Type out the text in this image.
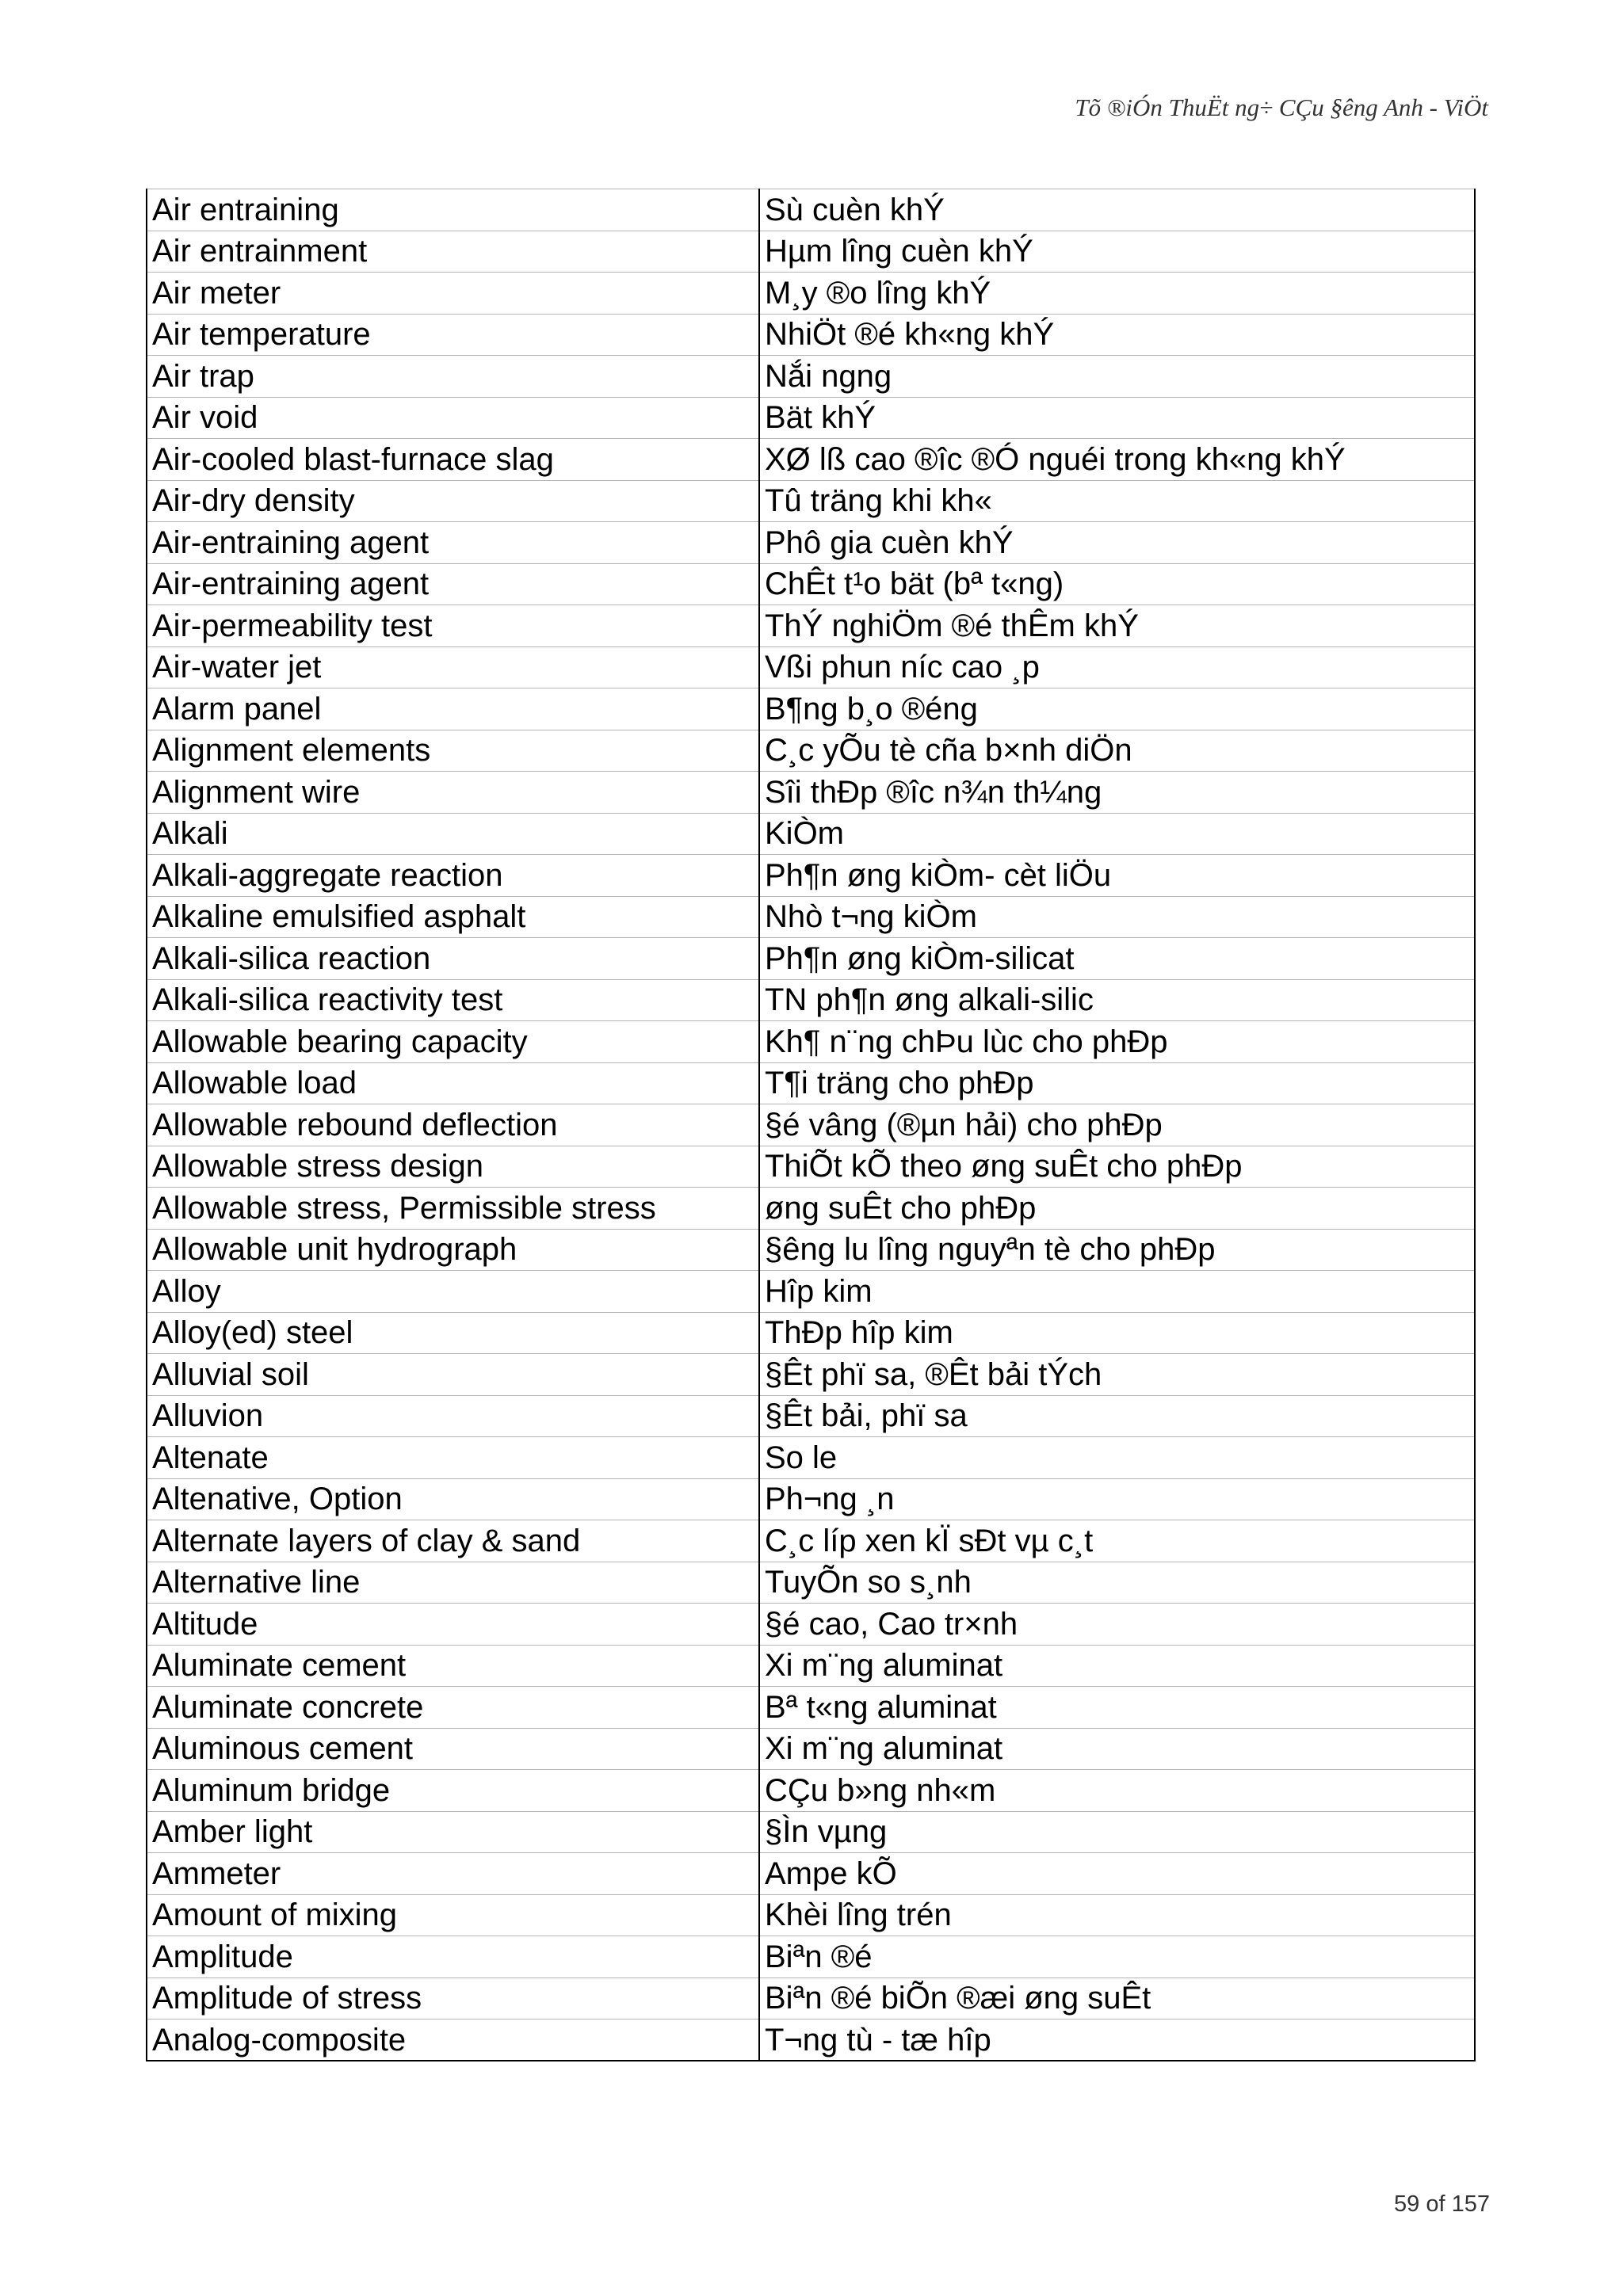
Tõ ®iÓn ThuËt ng÷ CÇu §êng Anh - ViÖt
Air entraining	Sù cuèn khÝ
Air entrainment	Hµm lîng cuèn khÝ
Air meter	M¸y ®o lîng khÝ
Air temperature	NhiÖt ®é kh«ng khÝ
Air trap	Nắi ngng
Air void	Bät khÝ
Air-cooled blast-furnace slag	XØ lß cao ®îc ®Ó nguéi trong kh«ng khÝ
Air-dry density	Tû träng khi kh«
Air-entraining agent	Phô gia cuèn khÝ
Air-entraining agent	ChÊt t¹o bät (bª t«ng)
Air-permeability test	ThÝ nghiÖm ®é thÊm khÝ
Air-water jet	Vßi phun níc cao ¸p
Alarm panel	B¶ng b¸o ®éng
Alignment elements	C¸c yÕu tè cña b×nh diÖn
Alignment wire	Sîi thÐp ®îc n¾n th¼ng
Alkali	KiÒm
Alkali-aggregate reaction	Ph¶n øng kiÒm- cèt liÖu
Alkaline emulsified asphalt	Nhò t¬ng kiÒm
Alkali-silica reaction	Ph¶n øng kiÒm-silicat
Alkali-silica reactivity test	TN ph¶n øng alkali-silic
Allowable bearing capacity	Kh¶ n¨ng chÞu lùc cho phÐp
Allowable load	T¶i träng cho phÐp
Allowable rebound deflection	§é vâng (®µn hải) cho phÐp
Allowable stress design	ThiÕt kÕ theo øng suÊt cho phÐp
Allowable stress, Permissible stress	øng suÊt cho phÐp
Allowable unit hydrograph	§êng lu lîng nguyªn tè cho phÐp
Alloy	Hîp kim
Alloy(ed) steel	ThÐp hîp kim
Alluvial soil	§Êt phï sa, ®Êt bải tÝch
Alluvion	§Êt bải, phï sa
Altenate	So le
Altenative, Option	Ph¬ng ¸n
Alternate layers of clay & sand	C¸c líp xen kÏ sÐt vµ c¸t
Alternative line	TuyÕn so s¸nh
Altitude	§é cao, Cao tr×nh
Aluminate cement	Xi m¨ng aluminat
Aluminate concrete	Bª t«ng aluminat
Aluminous cement	Xi m¨ng aluminat
Aluminum bridge	CÇu b»ng nh«m
Amber light	§Ìn vµng
Ammeter	Ampe kÕ
Amount of mixing	Khèi lîng trén
Amplitude	Biªn ®é
Amplitude of stress	Biªn ®é biÕn ®æi øng suÊt
Analog-composite	T¬ng tù - tæ hîp
59 of 157
